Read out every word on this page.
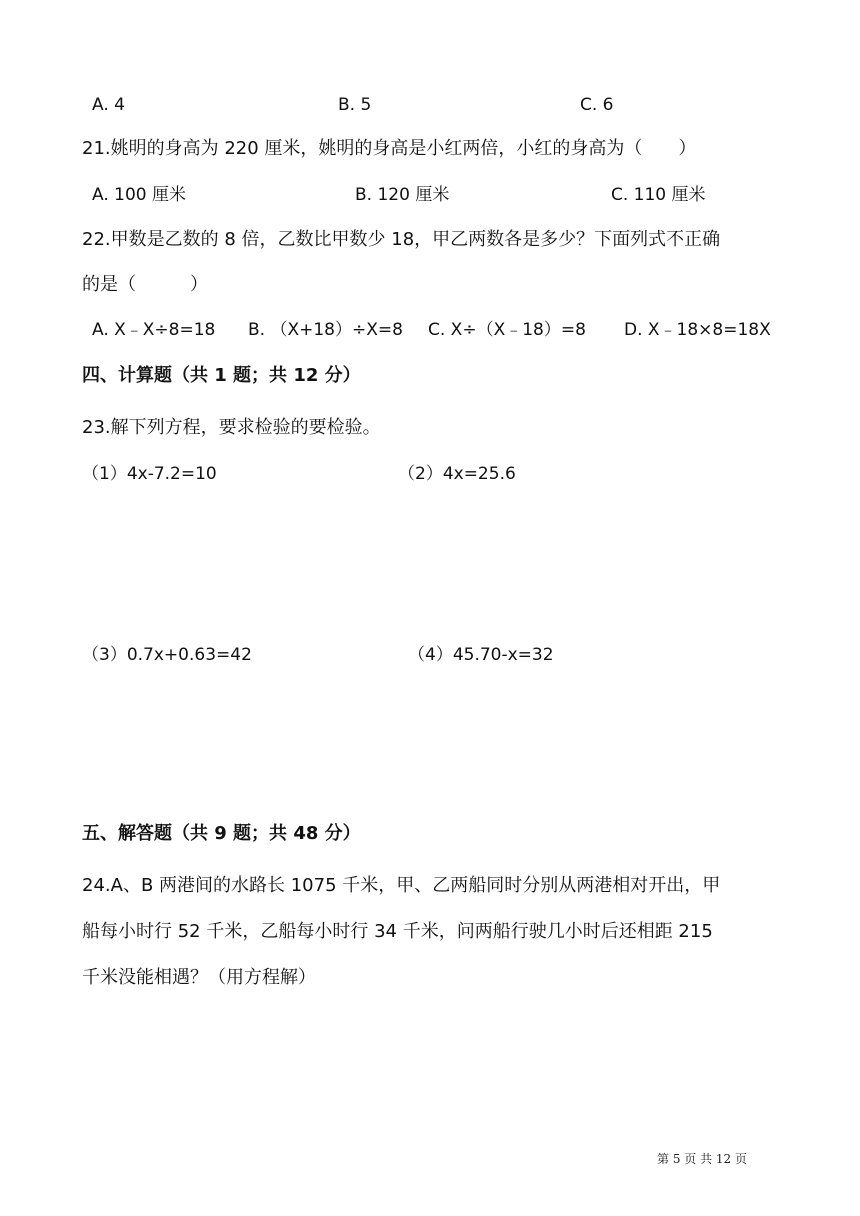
A. 4	B. 5	C. 6
21.姚明的身高为 220 厘米，姚明的身高是小红两倍，小红的身高为（　　）
A. 100 厘米	B. 120 厘米	C. 110 厘米
22.甲数是乙数的 8 倍，乙数比甲数少 18，甲乙两数各是多少？下面列式不正确
的是（　　　）
A. X﹣X÷8=18 B. （X+18）÷X=8 C. X÷（X﹣18）=8 D. X﹣18×8=18X
四、计算题（共 1 题；共 12 分）
23.解下列方程，要求检验的要检验。
（1）4x-7.2=10	（2）4x=25.6
（3）0.7x+0.63=42	（4）45.70-x=32
五、解答题（共 9 题；共 48 分）
24.A、B 两港间的水路长 1075 千米，甲、乙两船同时分别从两港相对开出，甲
船每小时行 52 千米，乙船每小时行 34 千米，问两船行驶几小时后还相距 215
千米没能相遇？（用方程解）
第 5 页 共 12 页
